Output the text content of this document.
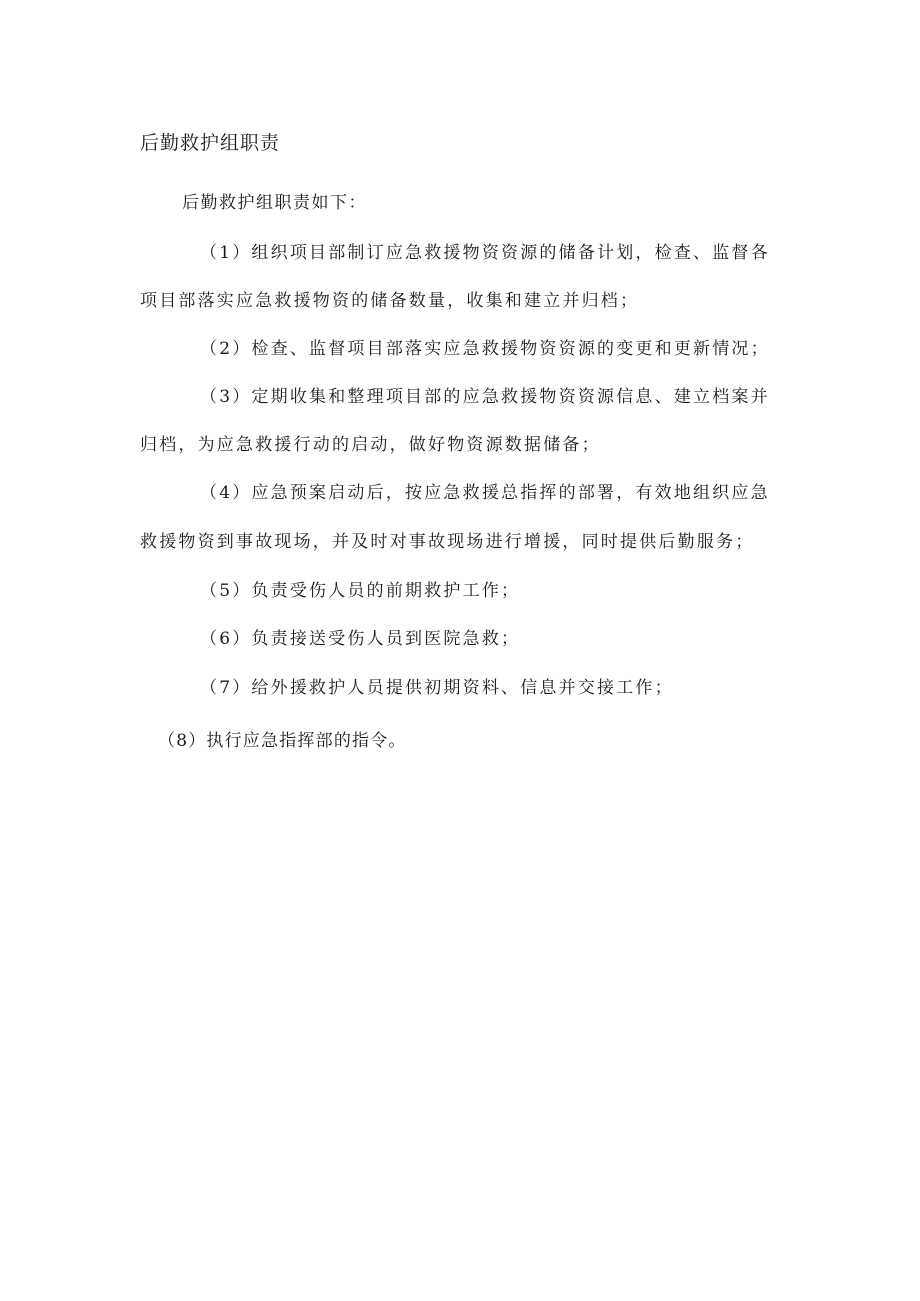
后勤救护组职责
后勤救护组职责如下：
（1）组织项目部制订应急救援物资资源的储备计划，检查、监督各
项目部落实应急救援物资的储备数量，收集和建立并归档；
（2）检查、监督项目部落实应急救援物资资源的变更和更新情况；
（3）定期收集和整理项目部的应急救援物资资源信息、建立档案并
归档，为应急救援行动的启动，做好物资源数据储备；
（4）应急预案启动后，按应急救援总指挥的部署，有效地组织应急
救援物资到事故现场，并及时对事故现场进行增援，同时提供后勤服务；
（5）负责受伤人员的前期救护工作；
（6）负责接送受伤人员到医院急救；
（7）给外援救护人员提供初期资料、信息并交接工作；
（8）执行应急指挥部的指令。
